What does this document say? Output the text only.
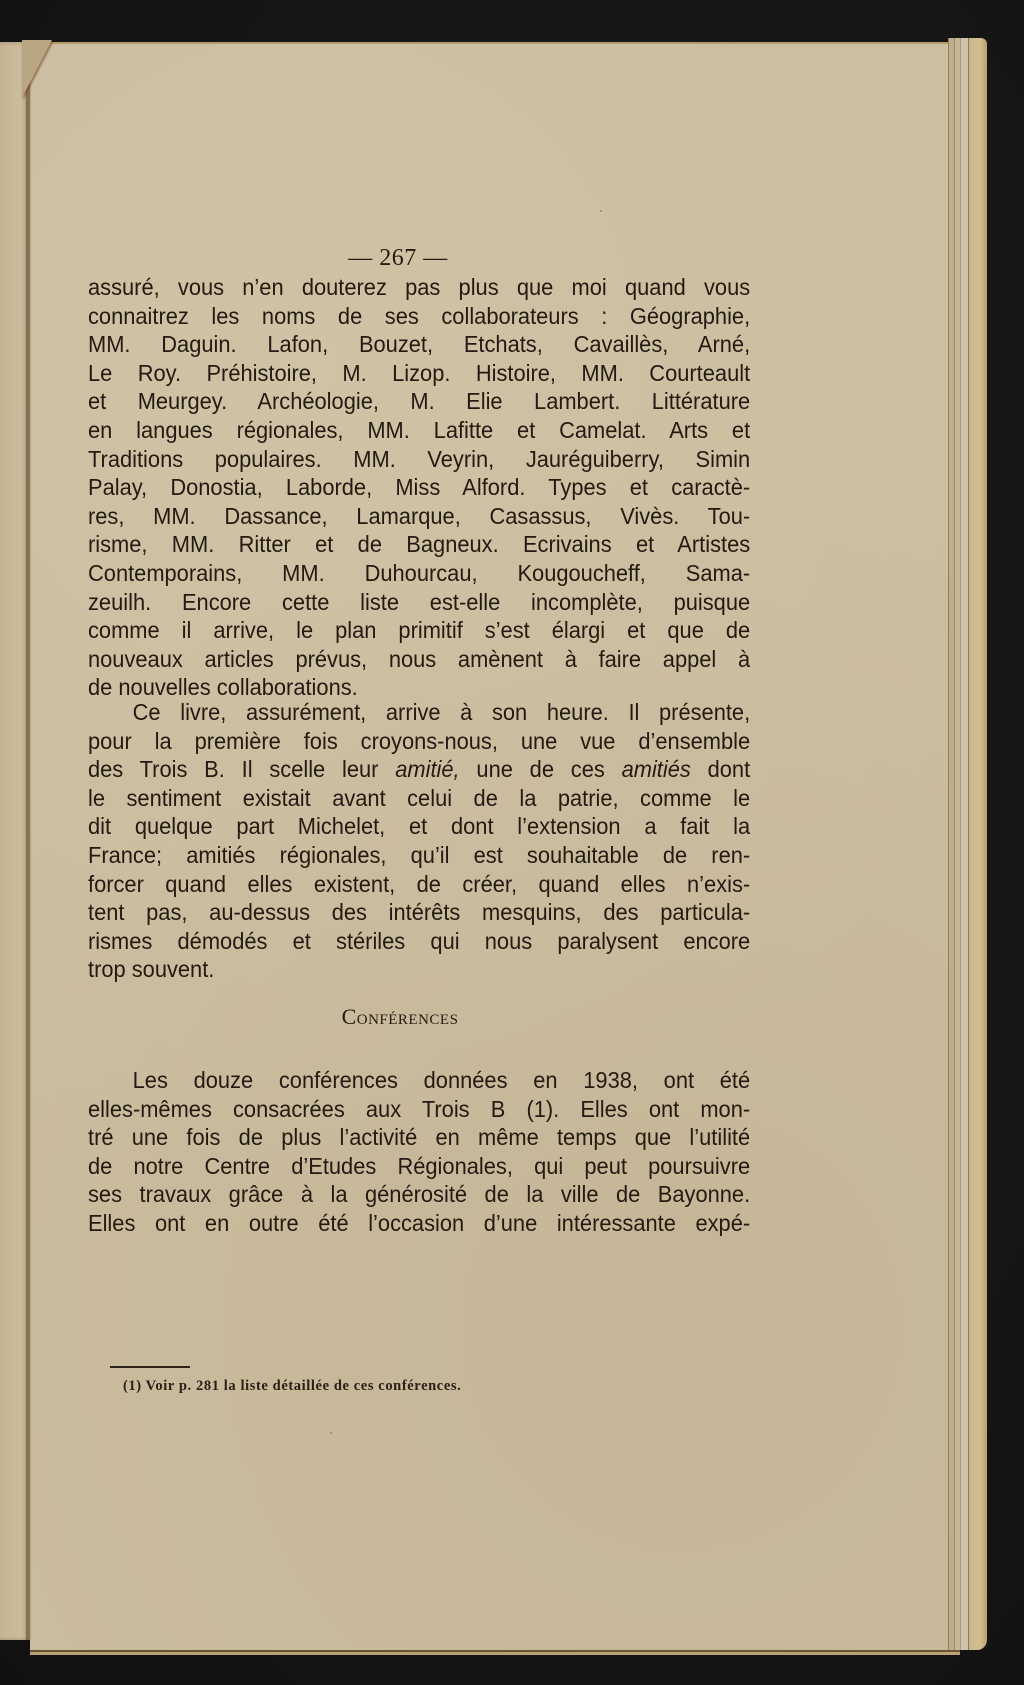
— 267 —
assuré, vous n’en douterez pas plus que moi quand vous
connaitrez les noms de ses collaborateurs : Géographie,
MM. Daguin. Lafon, Bouzet, Etchats, Cavaillès, Arné,
Le Roy. Préhistoire, M. Lizop. Histoire, MM. Courteault
et Meurgey. Archéologie, M. Elie Lambert. Littérature
en langues régionales, MM. Lafitte et Camelat. Arts et
Traditions populaires. MM. Veyrin, Jauréguiberry, Simin
Palay, Donostia, Laborde, Miss Alford. Types et caractè-
res, MM. Dassance, Lamarque, Casassus, Vivès. Tou-
risme, MM. Ritter et de Bagneux. Ecrivains et Artistes
Contemporains, MM. Duhourcau, Kougoucheff, Sama-
zeuilh. Encore cette liste est-elle incomplète, puisque
comme il arrive, le plan primitif s’est élargi et que de
nouveaux articles prévus, nous amènent à faire appel à
de nouvelles collaborations.
Ce livre, assurément, arrive à son heure. Il présente,
pour la première fois croyons-nous, une vue d’ensemble
des Trois B. Il scelle leur amitié, une de ces amitiés dont
le sentiment existait avant celui de la patrie, comme le
dit quelque part Michelet, et dont l’extension a fait la
France; amitiés régionales, qu’il est souhaitable de ren-
forcer quand elles existent, de créer, quand elles n’exis-
tent pas, au-dessus des intérêts mesquins, des particula-
rismes démodés et stériles qui nous paralysent encore
trop souvent.
Conférences
Les douze conférences données en 1938, ont été
elles-mêmes consacrées aux Trois B (1). Elles ont mon-
tré une fois de plus l’activité en même temps que l’utilité
de notre Centre d’Etudes Régionales, qui peut poursuivre
ses travaux grâce à la générosité de la ville de Bayonne.
Elles ont en outre été l’occasion d’une intéressante expé-
(1) Voir p. 281 la liste détaillée de ces conférences.
